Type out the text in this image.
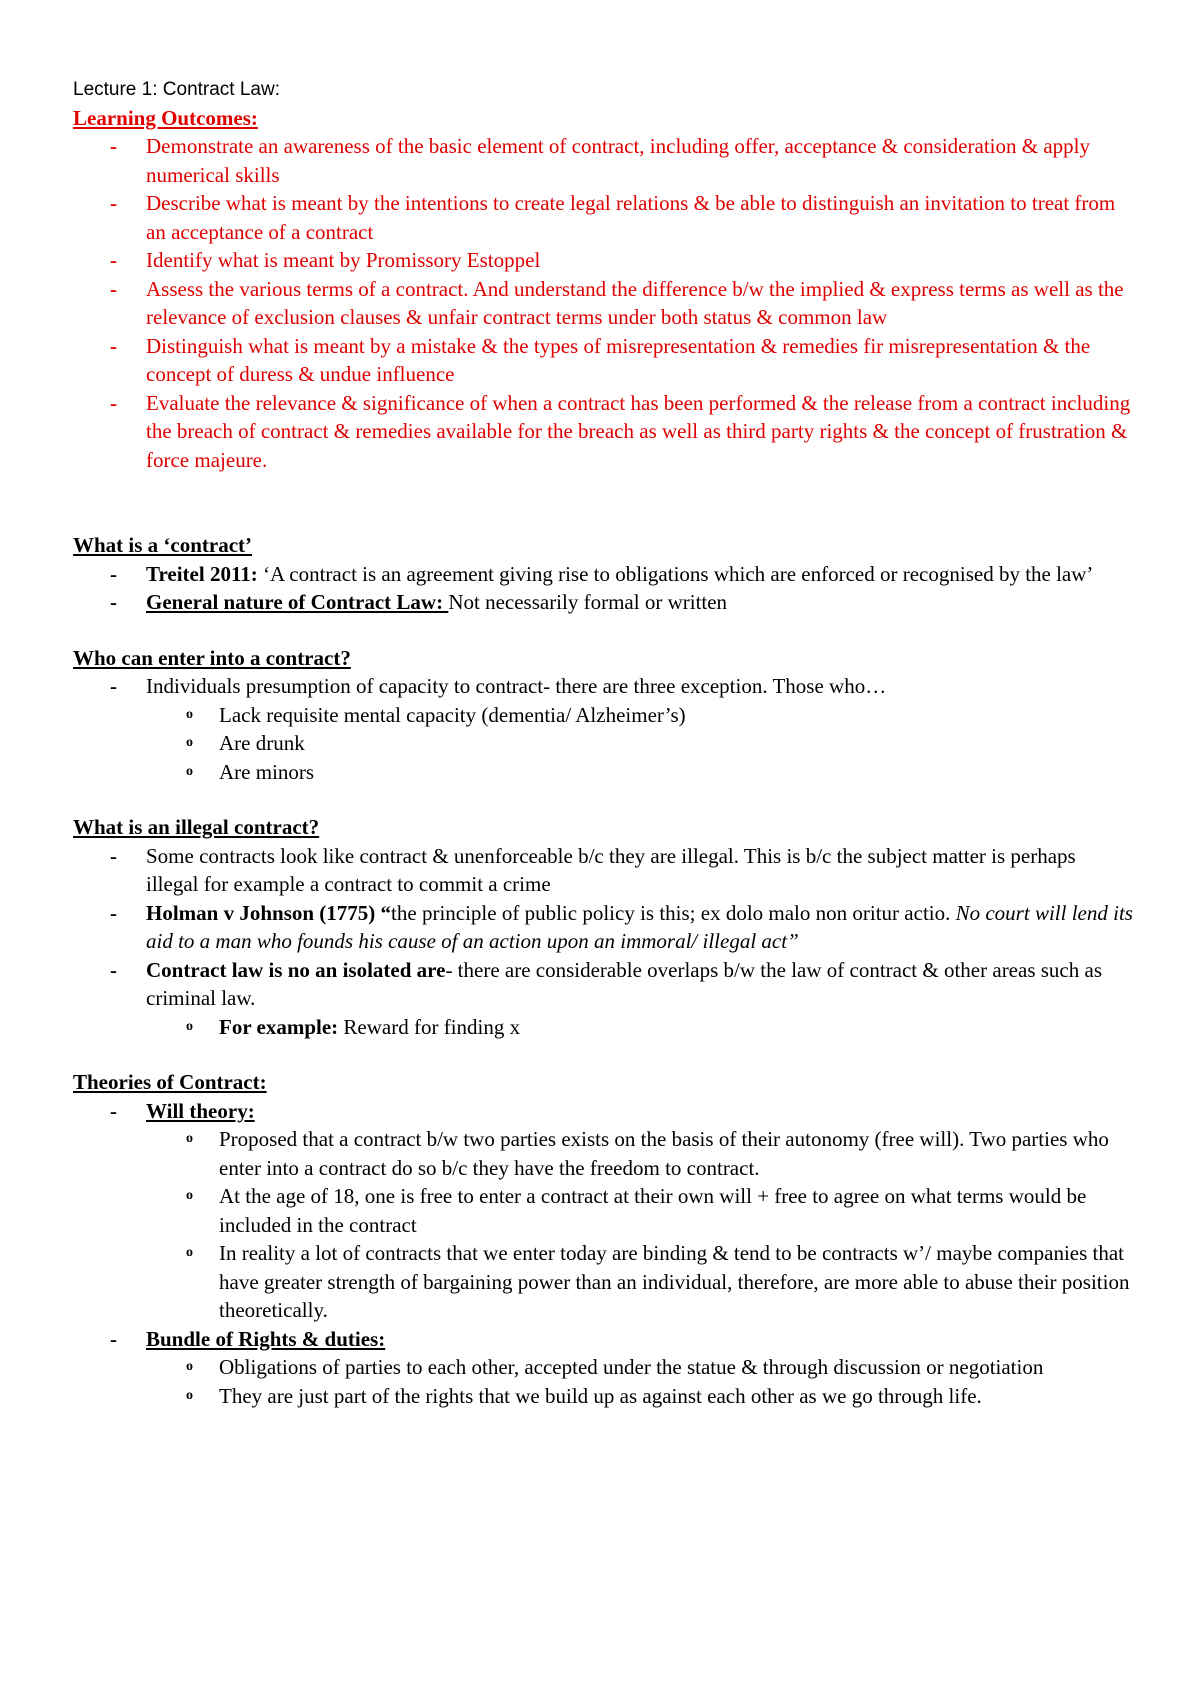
Lecture 1: Contract Law:

Learning Outcomes:

- Demonstrate an awareness of the basic element of contract, including offer, acceptance & consideration & apply numerical skills
- Describe what is meant by the intentions to create legal relations & be able to distinguish an invitation to treat from an acceptance of a contract
- Identify what is meant by Promissory Estoppel
- Assess the various terms of a contract. And understand the difference b/w the implied & express terms as well as the relevance of exclusion clauses & unfair contract terms under both status & common law
- Distinguish what is meant by a mistake & the types of misrepresentation & remedies fir misrepresentation & the concept of duress & undue influence
- Evaluate the relevance & significance of when a contract has been performed & the release from a contract including the breach of contract & remedies available for the breach as well as third party rights & the concept of frustration & force majeure.

What is a ‘contract’

- Treitel 2011: ‘A contract is an agreement giving rise to obligations which are enforced or recognised by the law’
- General nature of Contract Law: Not necessarily formal or written

Who can enter into a contract?

- Individuals presumption of capacity to contract- there are three exception. Those who…
o Lack requisite mental capacity (dementia/ Alzheimer’s)
o Are drunk
o Are minors

What is an illegal contract?

- Some contracts look like contract & unenforceable b/c they are illegal. This is b/c the subject matter is perhaps illegal for example a contract to commit a crime
- Holman v Johnson (1775) “the principle of public policy is this; ex dolo malo non oritur actio. No court will lend its aid to a man who founds his cause of an action upon an immoral/ illegal act”
- Contract law is no an isolated are- there are considerable overlaps b/w the law of contract & other areas such as criminal law.
o For example: Reward for finding x

Theories of Contract:

- Will theory:
o Proposed that a contract b/w two parties exists on the basis of their autonomy (free will). Two parties who enter into a contract do so b/c they have the freedom to contract.
o At the age of 18, one is free to enter a contract at their own will + free to agree on what terms would be included in the contract
o In reality a lot of contracts that we enter today are binding & tend to be contracts w’/ maybe companies that have greater strength of bargaining power than an individual, therefore, are more able to abuse their position theoretically.
- Bundle of Rights & duties:
o Obligations of parties to each other, accepted under the statue & through discussion or negotiation
o They are just part of the rights that we build up as against each other as we go through life.
